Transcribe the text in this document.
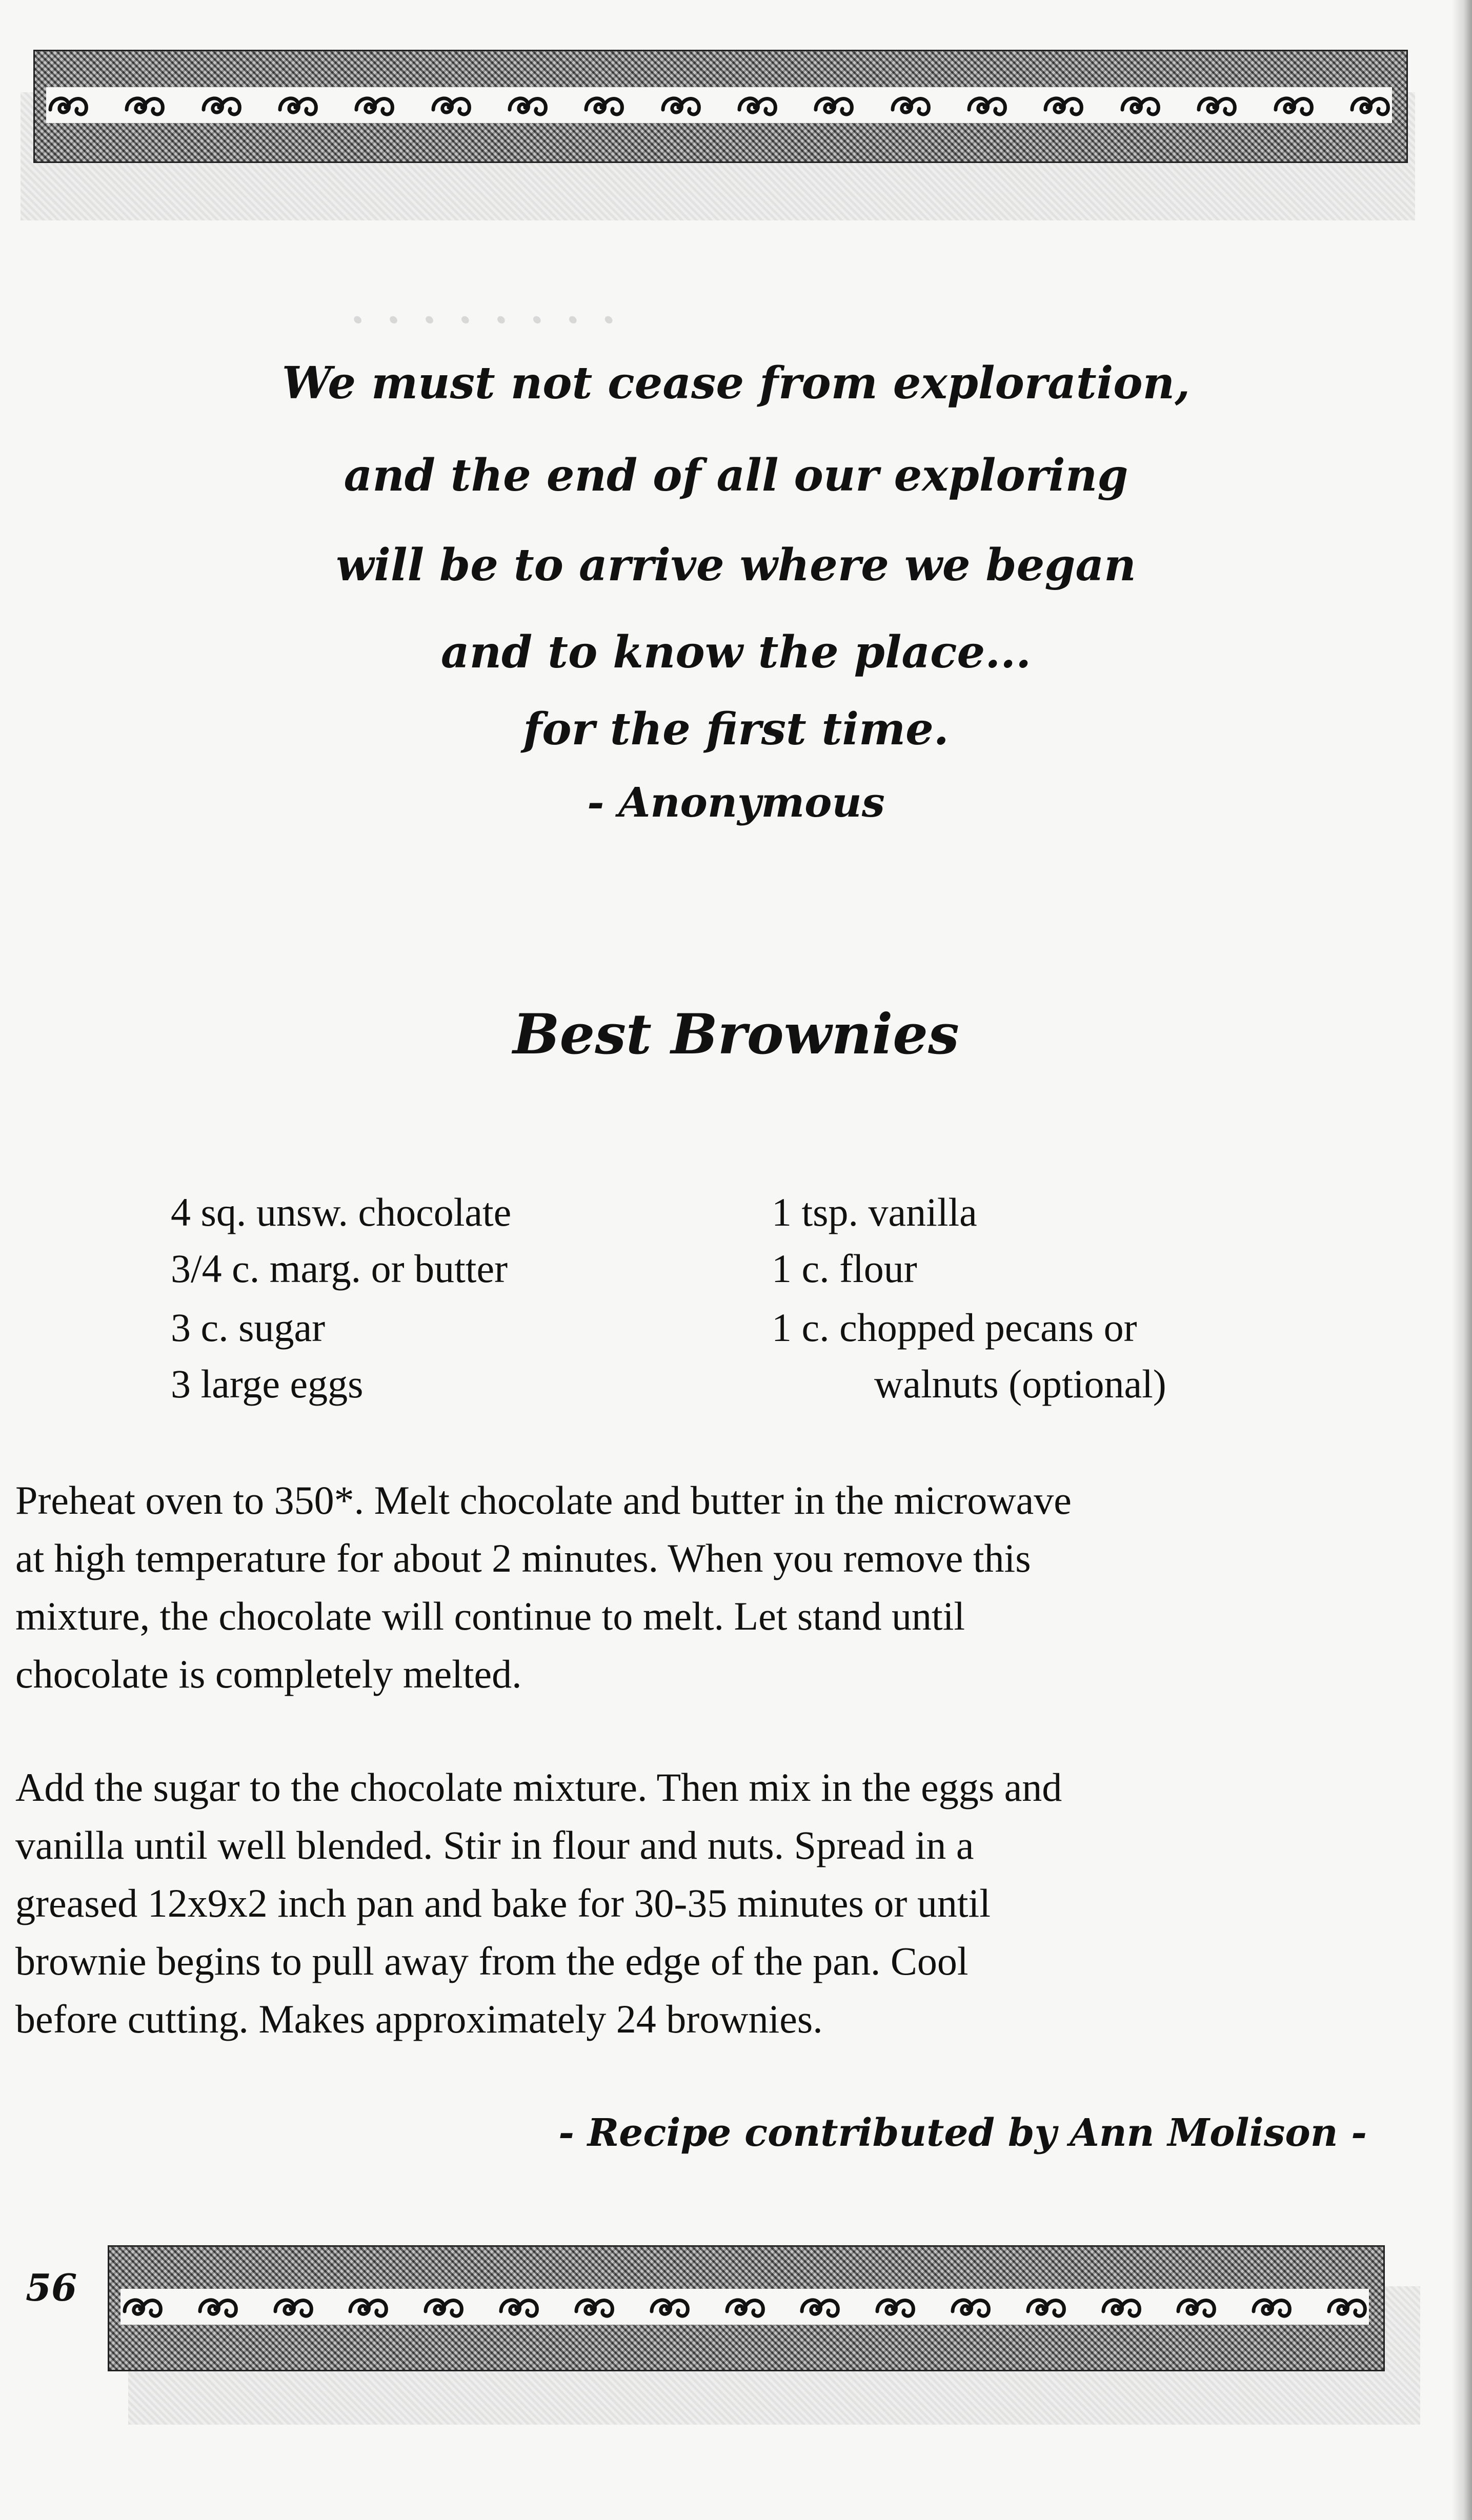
· · · · · · · ·

We must not cease from exploration,

and the end of all our exploring

will be to arrive where we began

and to know the place...

for the first time.

- Anonymous

Best Brownies

4 sq. unsw. chocolate

3/4 c. marg. or butter

3 c. sugar

3 large eggs

1 tsp. vanilla

1 c. flour

1 c. chopped pecans or

walnuts (optional)

Preheat oven to 350*. Melt chocolate and butter in the microwave

at high temperature for about 2 minutes. When you remove this

mixture, the chocolate will continue to melt. Let stand until

chocolate is completely melted.

Add the sugar to the chocolate mixture. Then mix in the eggs and

vanilla until well blended. Stir in flour and nuts. Spread in a

greased 12x9x2 inch pan and bake for 30-35 minutes or until

brownie begins to pull away from the edge of the pan. Cool

before cutting. Makes approximately 24 brownies.

- Recipe contributed by Ann Molison -

56
